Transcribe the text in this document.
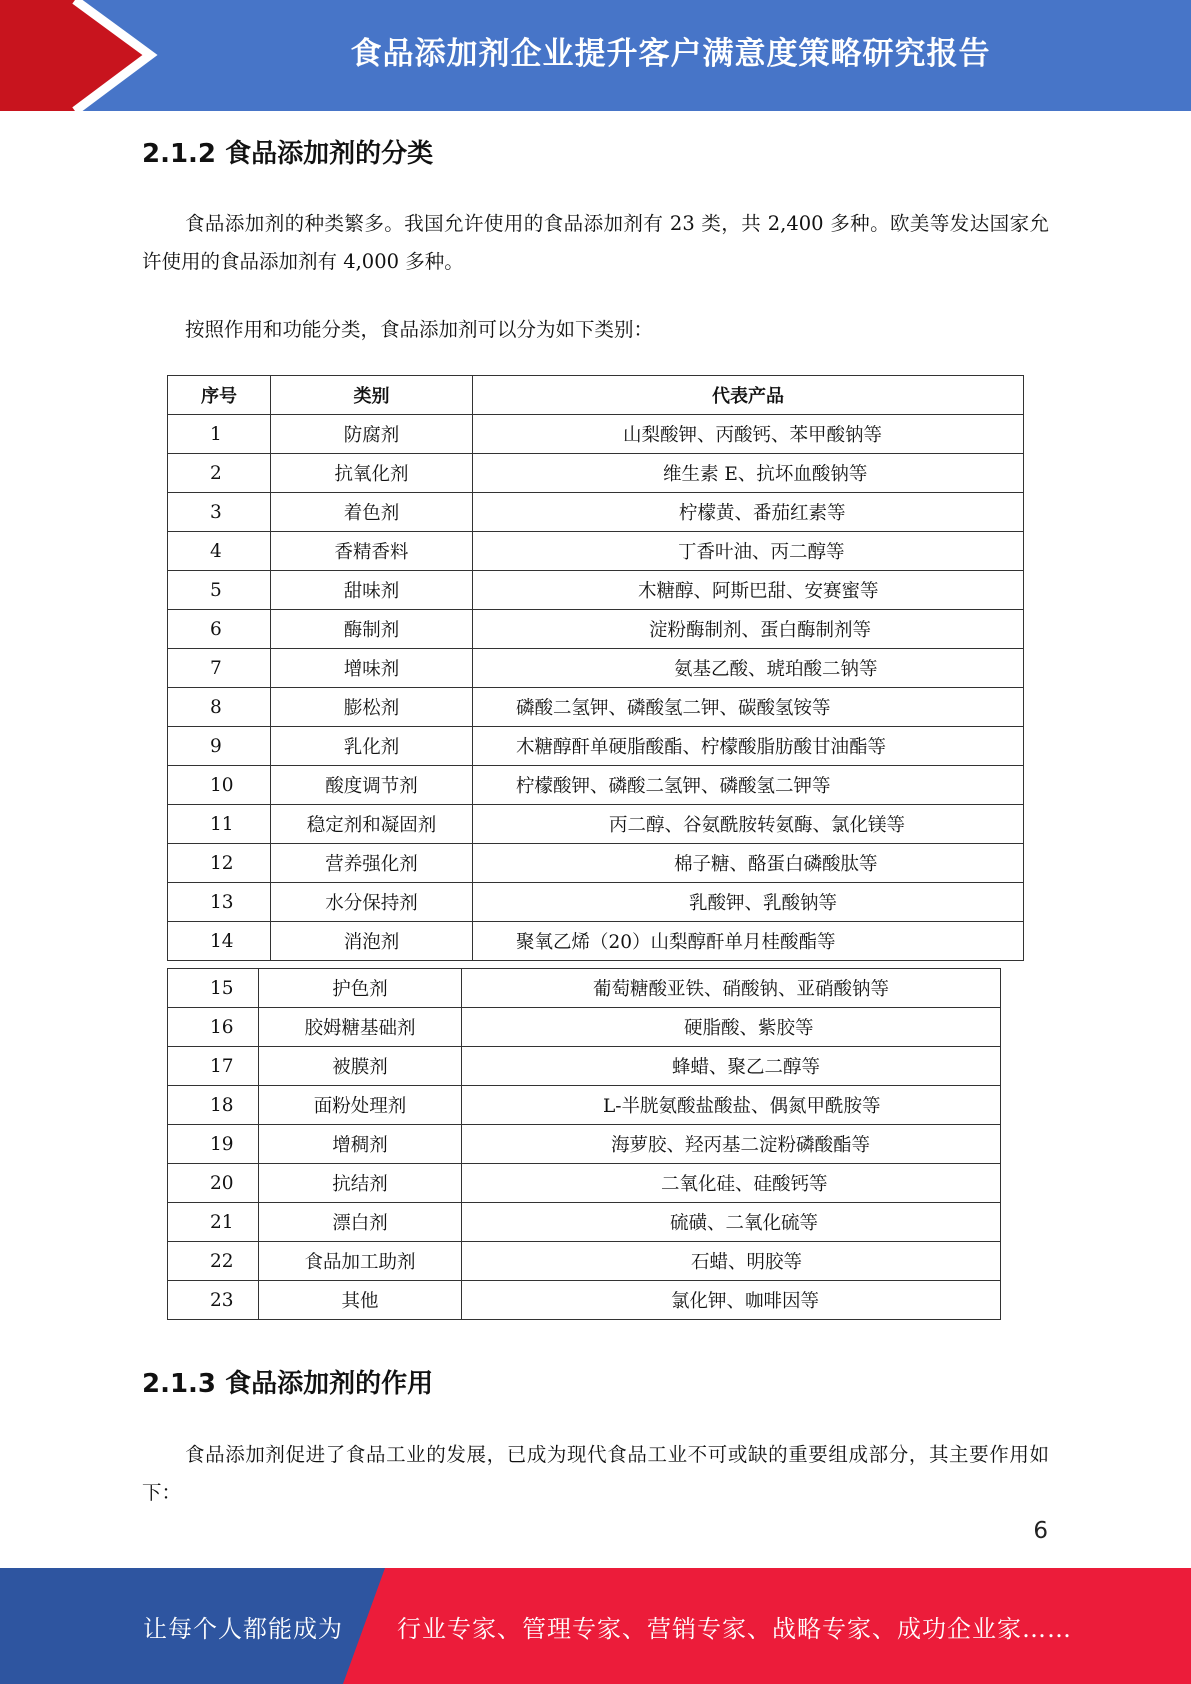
食品添加剂企业提升客户满意度策略研究报告
2.1.2 食品添加剂的分类
食品添加剂的种类繁多。我国允许使用的食品添加剂有 23 类，共 2,400 多种。欧美等发达国家允许使用的食品添加剂有 4,000 多种。
按照作用和功能分类，食品添加剂可以分为如下类别：
序号	类别	代表产品
1	防腐剂	山梨酸钾、丙酸钙、苯甲酸钠等
2	抗氧化剂	维生素 E、抗坏血酸钠等
3	着色剂	柠檬黄、番茄红素等
4	香精香料	丁香叶油、丙二醇等
5	甜味剂	木糖醇、阿斯巴甜、安赛蜜等
6	酶制剂	淀粉酶制剂、蛋白酶制剂等
7	增味剂	氨基乙酸、琥珀酸二钠等
8	膨松剂	磷酸二氢钾、磷酸氢二钾、碳酸氢铵等
9	乳化剂	木糖醇酐单硬脂酸酯、柠檬酸脂肪酸甘油酯等
10	酸度调节剂	柠檬酸钾、磷酸二氢钾、磷酸氢二钾等
11	稳定剂和凝固剂	丙二醇、谷氨酰胺转氨酶、氯化镁等
12	营养强化剂	棉子糖、酪蛋白磷酸肽等
13	水分保持剂	乳酸钾、乳酸钠等
14	消泡剂	聚氧乙烯（20）山梨醇酐单月桂酸酯等
15	护色剂	葡萄糖酸亚铁、硝酸钠、亚硝酸钠等
16	胶姆糖基础剂	硬脂酸、紫胶等
17	被膜剂	蜂蜡、聚乙二醇等
18	面粉处理剂	L-半胱氨酸盐酸盐、偶氮甲酰胺等
19	增稠剂	海萝胶、羟丙基二淀粉磷酸酯等
20	抗结剂	二氧化硅、硅酸钙等
21	漂白剂	硫磺、二氧化硫等
22	食品加工助剂	石蜡、明胶等
23	其他	氯化钾、咖啡因等
2.1.3 食品添加剂的作用
食品添加剂促进了食品工业的发展，已成为现代食品工业不可或缺的重要组成部分，其主要作用如下：
6
让每个人都能成为 行业专家、管理专家、营销专家、战略专家、成功企业家……
